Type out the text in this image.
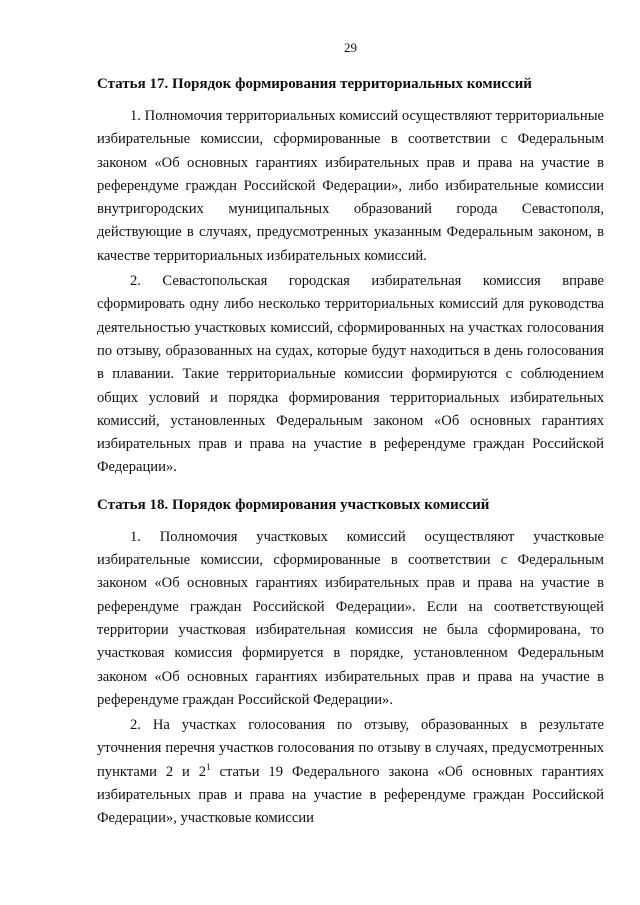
29
Статья 17. Порядок формирования территориальных комиссий

1. Полномочия территориальных комиссий осуществляют территориальные избирательные комиссии, сформированные в соответствии с Федеральным законом «Об основных гарантиях избирательных прав и права на участие в референдуме граждан Российской Федерации», либо избирательные комиссии внутригородских муниципальных образований города Севастополя, действующие в случаях, предусмотренных указанным Федеральным законом, в качестве территориальных избирательных комиссий.

2. Севастопольская городская избирательная комиссия вправе сформировать одну либо несколько территориальных комиссий для руководства деятельностью участковых комиссий, сформированных на участках голосования по отзыву, образованных на судах, которые будут находиться в день голосования в плавании. Такие территориальные комиссии формируются с соблюдением общих условий и порядка формирования территориальных избирательных комиссий, установленных Федеральным законом «Об основных гарантиях избирательных прав и права на участие в референдуме граждан Российской Федерации».

Статья 18. Порядок формирования участковых комиссий

1. Полномочия участковых комиссий осуществляют участковые избирательные комиссии, сформированные в соответствии с Федеральным законом «Об основных гарантиях избирательных прав и права на участие в референдуме граждан Российской Федерации». Если на соответствующей территории участковая избирательная комиссия не была сформирована, то участковая комиссия формируется в порядке, установленном Федеральным законом «Об основных гарантиях избирательных прав и права на участие в референдуме граждан Российской Федерации».

2. На участках голосования по отзыву, образованных в результате уточнения перечня участков голосования по отзыву в случаях, предусмотренных пунктами 2 и $2^1$ статьи 19 Федерального закона «Об основных гарантиях избирательных прав и права на участие в референдуме граждан Российской Федерации», участковые комиссии
